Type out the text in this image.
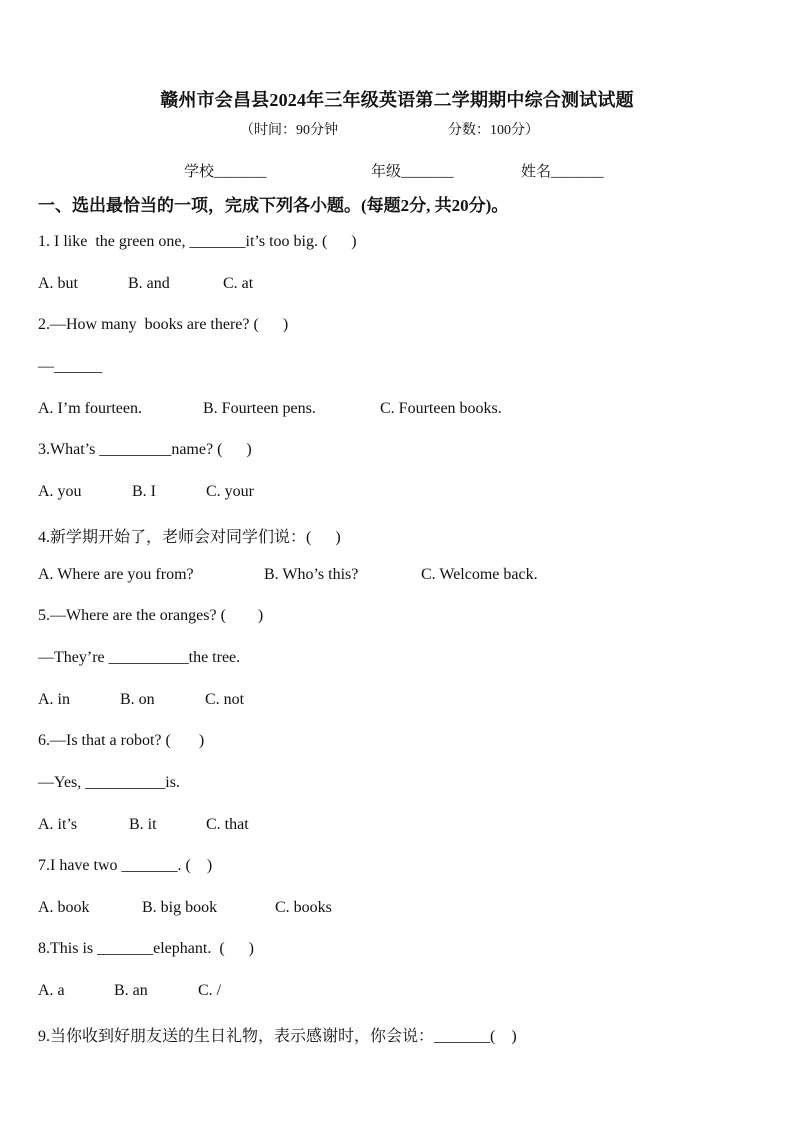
赣州市会昌县2024年三年级英语第二学期期中综合测试试题
（时间：90分钟	分数：100分）
学校_______	年级_______	姓名_______
一、选出最恰当的一项，完成下列各小题。(每题2分, 共20分)。
1. I like  the green one, _______it’s too big. (      )
A. but	B. and	C. at
2.—How many  books are there? (      )
—______
A. I’m fourteen.	B. Fourteen pens.	C. Fourteen books.
3.What’s _________name? (      )
A. you	B. I	C. your
4.新学期开始了，老师会对同学们说：(      )
A. Where are you from?	B. Who’s this?	C. Welcome back.
5.—Where are the oranges? (        )
—They’re __________the tree.
A. in	B. on	C. not
6.—Is that a robot? (       )
—Yes, __________is.
A. it’s	B. it	C. that
7.I have two _______. (    )
A. book	B. big book	C. books
8.This is _______elephant.  (      )
A. a	B. an	C. /
9.当你收到好朋友送的生日礼物，表示感谢时，你会说：_______(    )
